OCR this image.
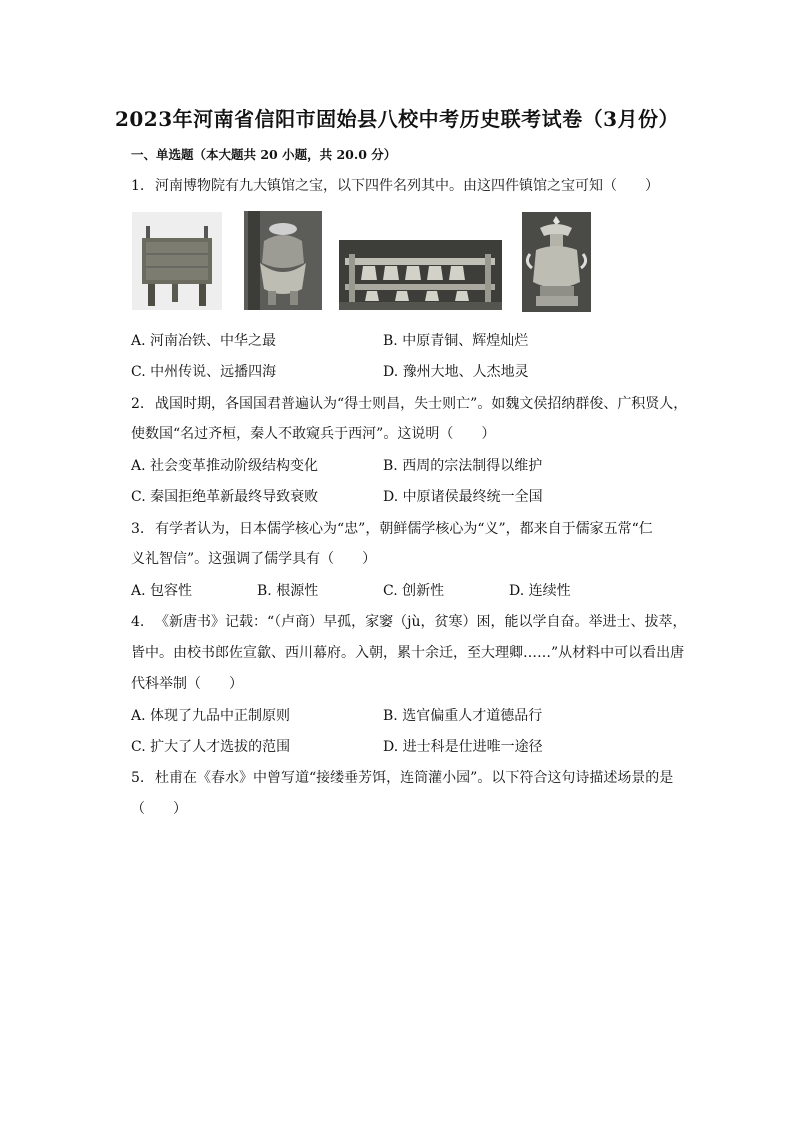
2023年河南省信阳市固始县八校中考历史联考试卷（3月份）
一、单选题（本大题共 20 小题，共 20.0 分）
1. 河南博物院有九大镇馆之宝，以下四件名列其中。由这四件镇馆之宝可知（　　）
A. 河南冶铁、中华之最	B. 中原青铜、辉煌灿烂
C. 中州传说、远播四海	D. 豫州大地、人杰地灵
2. 战国时期，各国国君普遍认为“得士则昌，失士则亡”。如魏文侯招纳群俊、广积贤人，
使数国“名过齐桓，秦人不敢窥兵于西河”。这说明（　　）
A. 社会变革推动阶级结构变化	B. 西周的宗法制得以维护
C. 秦国拒绝革新最终导致衰败	D. 中原诸侯最终统一全国
3. 有学者认为，日本儒学核心为“忠”，朝鲜儒学核心为“义”，都来自于儒家五常“仁
义礼智信”。这强调了儒学具有（　　）
A. 包容性	B. 根源性	C. 创新性	D. 连续性
4. 《新唐书》记载：“（卢商）早孤，家窭（jù，贫寒）困，能以学自奋。举进士、拔萃，
皆中。由校书郎佐宣歙、西川幕府。入朝，累十余迁，至大理卿……”从材料中可以看出唐
代科举制（　　）
A. 体现了九品中正制原则	B. 选官偏重人才道德品行
C. 扩大了人才选拔的范围	D. 进士科是仕进唯一途径
5. 杜甫在《春水》中曾写道“接缕垂芳饵，连筒灌小园”。以下符合这句诗描述场景的是
（　　）
